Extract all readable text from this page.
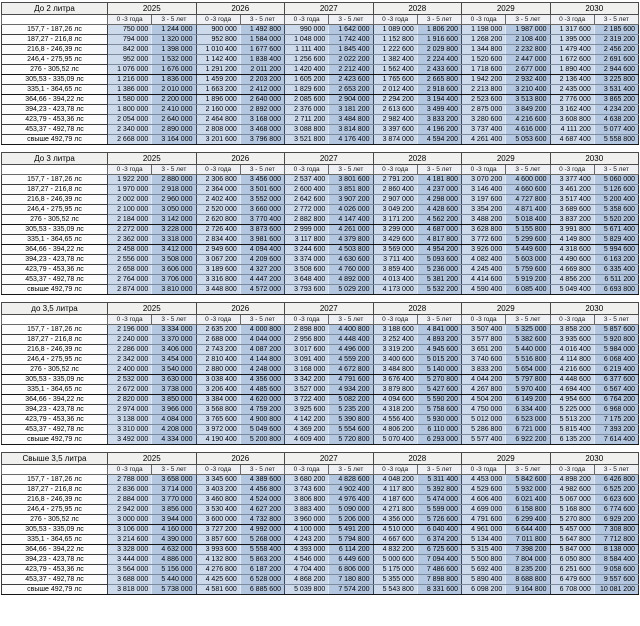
До 2 литра	2025		2026		2027		2028		2029		2030	
	0 -3 года	3 - 5 лет	0 -3 года	3 - 5 лет	0 -3 года	3 - 5 лет	0 -3 года	3 - 5 лет	0 -3 года	3 - 5 лет	0 -3 года	3 - 5 лет
157,7 - 187,26 лс	750 000	1 244 000	900 000	1 492 800	990 000	1 642 000	1 089 000	1 806 200	1 198 000	1 987 000	1 317 600	2 185 600
187,27 - 216,8 лс	794 000	1 320 000	952 800	1 584 000	1 048 000	1 742 400	1 152 800	1 916 600	1 268 200	2 108 400	1 395 000	2 319 200
216,8 - 246,39 лс	842 000	1 398 000	1 010 400	1 677 600	1 111 400	1 845 400	1 222 600	2 029 800	1 344 800	2 232 800	1 479 400	2 456 200
246,4 - 275,95 лс	952 000	1 532 000	1 142 400	1 838 400	1 256 600	2 022 200	1 382 400	2 224 400	1 520 600	2 447 000	1 672 600	2 691 600
276 - 305,52 лс	1 076 000	1 676 000	1 291 200	2 011 200	1 420 400	2 212 400	1 562 400	2 433 600	1 718 600	2 677 000	1 890 400	2 944 600
305,53 - 335,09 лс	1 216 000	1 836 000	1 459 200	2 203 200	1 605 200	2 423 600	1 765 600	2 665 800	1 942 200	2 932 400	2 136 400	3 225 800
335,1 - 364,65 лс	1 386 000	2 010 000	1 663 200	2 412 000	1 829 600	2 653 200	2 012 400	2 918 600	2 213 800	3 210 400	2 435 000	3 531 400
364,66 - 394,22 лс	1 580 000	2 200 000	1 896 000	2 640 000	2 085 600	2 904 000	2 294 200	3 194 400	2 523 600	3 513 800	2 776 000	3 865 200
394,23 - 423,78 лс	1 800 000	2 410 000	2 160 000	2 892 000	2 376 000	3 181 200	2 613 600	3 499 400	2 875 000	3 849 200	3 162 400	4 234 200
423,79 - 453,36 лс	2 054 000	2 640 000	2 464 800	3 168 000	2 711 200	3 484 800	2 982 400	3 833 200	3 280 600	4 216 600	3 608 800	4 638 200
453,37 - 492,78 лс	2 340 000	2 890 000	2 808 000	3 468 000	3 088 800	3 814 800	3 397 600	4 196 200	3 737 400	4 616 000	4 111 200	5 077 400
свыше 492,79 лс	2 668 000	3 164 000	3 201 600	3 796 800	3 521 800	4 176 400	3 874 000	4 594 200	4 261 400	5 053 600	4 687 400	5 558 800
До 3 литра	2025		2026		2027		2028		2029		2030	
	0 -3 года	3 - 5 лет	0 -3 года	3 - 5 лет	0 -3 года	3 - 5 лет	0 -3 года	3 - 5 лет	0 -3 года	3 - 5 лет	0 -3 года	3 - 5 лет
157,7 - 187,26 лс	1 922 200	2 880 000	2 306 800	3 456 000	2 537 400	3 801 600	2 791 200	4 181 800	3 070 200	4 600 000	3 377 400	5 060 000
187,27 - 216,8 лс	1 970 000	2 918 000	2 364 000	3 501 600	2 600 400	3 851 800	2 860 400	4 237 000	3 146 400	4 660 600	3 461 200	5 126 600
216,8 - 246,39 лс	2 002 000	2 960 000	2 402 400	3 552 000	2 642 600	3 907 200	2 907 000	4 298 000	3 197 600	4 727 800	3 517 400	5 200 400
246,4 - 275,95 лс	2 100 000	3 050 000	2 520 000	3 660 000	2 772 000	4 026 000	3 049 200	4 428 600	3 354 200	4 871 400	3 689 600	5 358 600
276 - 305,52 лс	2 184 000	3 142 000	2 620 800	3 770 400	2 882 800	4 147 400	3 171 200	4 562 200	3 488 200	5 018 400	3 837 200	5 520 200
305,53 - 335,09 лс	2 272 000	3 228 000	2 726 400	3 873 600	2 999 000	4 261 000	3 299 000	4 687 000	3 628 800	5 155 800	3 991 800	5 671 400
335,1 - 364,65 лс	2 362 000	3 318 000	2 834 400	3 981 600	3 117 800	4 379 800	3 429 600	4 817 800	3 772 600	5 299 600	4 149 800	5 829 400
364,66 - 394,22 лс	2 458 000	3 412 000	2 949 600	4 094 400	3 244 600	4 503 800	3 569 000	4 954 200	3 926 000	5 449 600	4 318 600	5 994 600
394,23 - 423,78 лс	2 556 000	3 508 000	3 067 200	4 209 600	3 374 000	4 630 600	3 711 400	5 093 600	4 082 400	5 603 000	4 490 600	6 163 200
423,79 - 453,36 лс	2 658 000	3 606 000	3 189 600	4 327 200	3 508 600	4 760 000	3 859 400	5 236 000	4 245 400	5 759 600	4 669 800	6 335 400
453,37 - 492,78 лс	2 764 000	3 706 000	3 316 800	4 447 200	3 648 400	4 892 000	4 013 400	5 381 200	4 414 600	5 919 200	4 856 200	6 511 200
свыше 492,79 лс	2 874 000	3 810 000	3 448 800	4 572 000	3 793 600	5 029 200	4 173 000	5 532 200	4 590 400	6 085 400	5 049 400	6 693 800
до 3,5 литра	2025		2026		2027		2028		2029		2030	
	0 -3 года	3 - 5 лет	0 -3 года	3 - 5 лет	0 -3 года	3 - 5 лет	0 -3 года	3 - 5 лет	0 -3 года	3 - 5 лет	0 -3 года	3 - 5 лет
157,7 - 187,26 лс	2 196 000	3 334 000	2 635 200	4 000 800	2 898 800	4 400 800	3 188 600	4 841 000	3 507 400	5 325 000	3 858 200	5 857 600
187,27 - 216,8 лс	2 240 000	3 370 000	2 688 000	4 044 000	2 956 800	4 448 400	3 252 400	4 893 200	3 577 800	5 382 600	3 935 600	5 920 800
216,8 - 246,39 лс	2 286 000	3 406 000	2 743 200	4 087 200	3 017 600	4 496 000	3 319 200	4 945 600	3 651 200	5 440 000	4 016 400	5 984 000
246,4 - 275,95 лс	2 342 000	3 454 000	2 810 400	4 144 800	3 091 400	4 559 200	3 400 600	5 015 200	3 740 600	5 516 800	4 114 800	6 068 400
276 - 305,52 лс	2 400 000	3 540 000	2 880 000	4 248 000	3 168 000	4 672 800	3 484 800	5 140 000	3 833 200	5 654 000	4 216 600	6 219 400
305,53 - 335,09 лс	2 532 000	3 630 000	3 038 400	4 356 000	3 342 200	4 791 600	3 676 400	5 270 800	4 044 200	5 797 800	4 448 600	6 377 600
335,1 - 364,65 лс	2 672 000	3 738 000	3 206 400	4 485 600	3 527 000	4 934 200	3 879 800	5 427 600	4 267 800	5 970 400	4 694 400	6 567 400
364,66 - 394,22 лс	2 820 000	3 850 000	3 384 000	4 620 000	3 722 400	5 082 200	4 094 600	5 590 200	4 504 200	6 149 200	4 954 600	6 764 200
394,23 - 423,78 лс	2 974 000	3 966 000	3 568 800	4 759 200	3 925 600	5 235 200	4 318 200	5 758 600	4 750 000	6 334 400	5 225 000	6 968 000
423,79 - 453,36 лс	3 138 000	4 084 000	3 765 600	4 900 800	4 142 200	5 390 800	4 556 400	5 930 000	5 012 000	6 523 000	5 513 200	7 175 200
453,37 - 492,78 лс	3 310 000	4 208 000	3 972 000	5 049 600	4 369 200	5 554 600	4 806 200	6 110 000	5 286 800	6 721 000	5 815 400	7 393 200
свыше 492,79 лс	3 492 000	4 334 000	4 190 400	5 200 800	4 609 400	5 720 800	5 070 400	6 293 000	5 577 400	6 922 200	6 135 200	7 614 400
Свыше 3,5 литра	2025		2026		2027		2028		2029		2030	
	0 -3 года	3 - 5 лет	0 -3 года	3 - 5 лет	0 -3 года	3 - 5 лет	0 -3 года	3 - 5 лет	0 -3 года	3 - 5 лет	0 -3 года	3 - 5 лет
157,7 - 187,26 лс	2 788 000	3 658 000	3 345 600	4 389 600	3 680 200	4 828 600	4 048 200	5 311 400	4 453 000	5 842 600	4 898 200	6 426 800
187,27 - 216,8 лс	2 836 000	3 714 000	3 403 200	4 456 800	3 743 600	4 902 400	4 117 800	5 392 800	4 529 600	5 932 000	4 982 600	6 525 200
216,8 - 246,39 лс	2 884 000	3 770 000	3 460 800	4 524 000	3 806 800	4 976 400	4 187 600	5 474 000	4 606 400	6 021 400	5 067 000	6 623 600
246,4 - 275,95 лс	2 942 000	3 856 000	3 530 400	4 627 200	3 883 400	5 090 000	4 271 800	5 599 000	4 699 000	6 158 800	5 168 800	6 774 600
276 - 305,52 лс	3 000 000	3 944 000	3 600 000	4 732 800	3 960 000	5 206 000	4 356 000	5 726 600	4 791 600	6 299 400	5 270 800	6 929 200
305,53 - 335,09 лс	3 106 000	4 160 000	3 727 200	4 992 000	4 100 000	5 491 200	4 510 000	6 040 400	4 961 000	6 644 400	5 457 000	7 308 800
335,1 - 364,65 лс	3 214 600	4 390 000	3 857 600	5 268 000	4 243 200	5 794 800	4 667 600	6 374 200	5 134 400	7 011 800	5 647 800	7 712 800
364,66 - 394,22 лс	3 328 000	4 632 000	3 993 600	5 558 400	4 393 000	6 114 200	4 832 200	6 725 600	5 315 400	7 398 200	5 847 000	8 138 000
394,23 - 423,78 лс	3 444 000	4 886 000	4 132 800	5 863 200	4 546 000	6 449 600	5 000 600	7 094 400	5 500 800	7 804 000	6 050 800	8 584 400
423,79 - 453,36 лс	3 564 000	5 156 000	4 276 800	6 187 200	4 704 400	6 806 000	5 175 000	7 486 600	5 692 400	8 235 200	6 251 600	9 058 600
453,37 - 492,78 лс	3 688 000	5 440 000	4 425 600	6 528 000	4 868 200	7 180 800	5 355 000	7 898 800	5 890 400	8 688 800	6 479 600	9 557 600
свыше 492,79 лс	3 818 000	5 738 000	4 581 600	6 885 600	5 039 800	7 574 200	5 543 800	8 331 600	6 098 200	9 164 800	6 708 000	10 081 200
